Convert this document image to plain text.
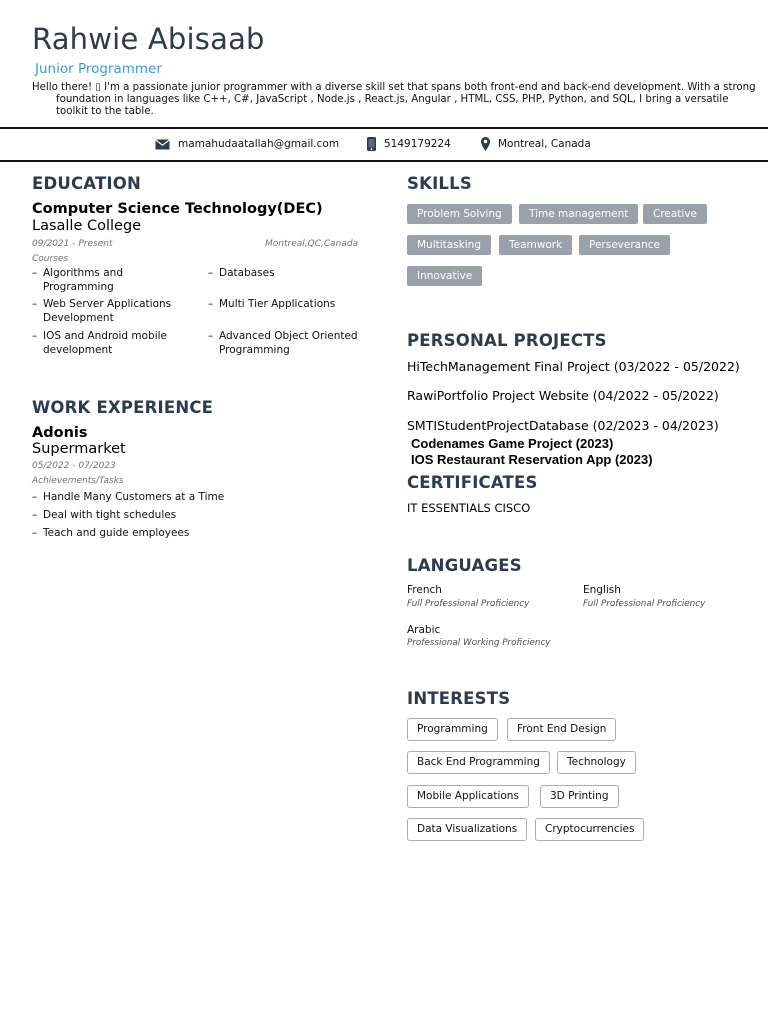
Rahwie Abisaab
Junior Programmer
Hello there! ▯ I'm a passionate junior programmer with a diverse skill set that spans both front-end and back-end development. With a strong foundation in languages like C++, C#, JavaScript , Node.js , React.js, Angular , HTML, CSS, PHP, Python, and SQL, I bring a versatile toolkit to the table.
mamahudaatallah@gmail.com	5149179224	Montreal, Canada
EDUCATION
Computer Science Technology(DEC)
Lasalle College
09/2021 - Present	Montreal,QC,Canada
Courses
– Algorithms and Programming
– Databases
– Web Server Applications Development
– Multi Tier Applications
– IOS and Android mobile development
– Advanced Object Oriented Programming
WORK EXPERIENCE
Adonis
Supermarket
05/2022 - 07/2023
Achievements/Tasks
– Handle Many Customers at a Time
– Deal with tight schedules
– Teach and guide employees
SKILLS
Problem Solving	Time management	Creative
Multitasking	Teamwork	Perseverance
Innovative
PERSONAL PROJECTS
HiTechManagement Final Project (03/2022 - 05/2022)
RawiPortfolio Project Website (04/2022 - 05/2022)
SMTIStudentProjectDatabase (02/2023 - 04/2023)
Codenames Game Project (2023)
IOS Restaurant Reservation App (2023)
CERTIFICATES
IT ESSENTIALS CISCO
LANGUAGES
French
Full Professional Proficiency
English
Full Professional Proficiency
Arabic
Professional Working Proficiency
INTERESTS
Programming	Front End Design
Back End Programming	Technology
Mobile Applications	3D Printing
Data Visualizations	Cryptocurrencies
